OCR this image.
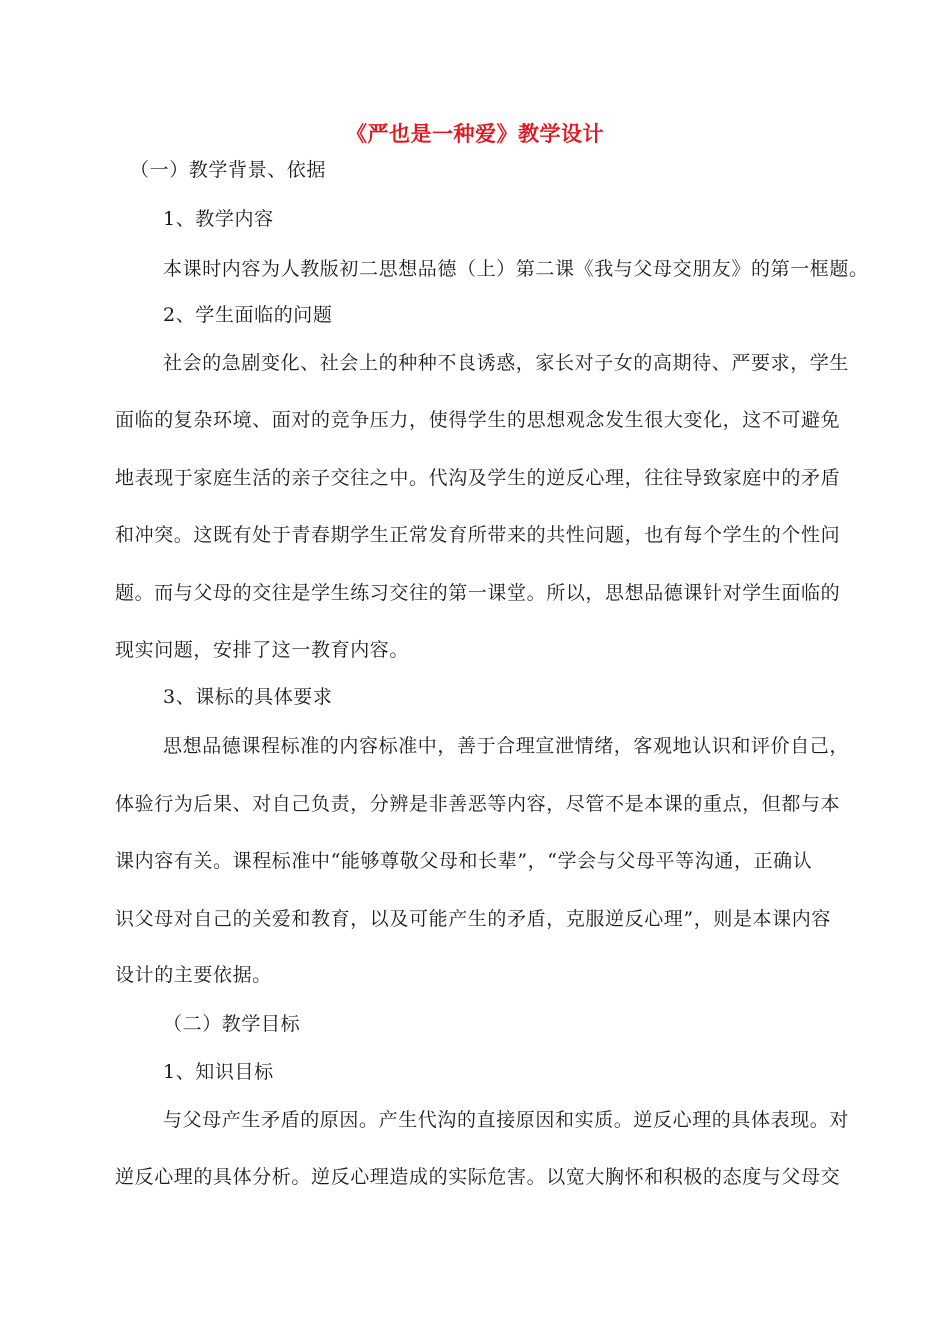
《严也是一种爱》教学设计
（一）教学背景、依据
1、教学内容
本课时内容为人教版初二思想品德（上）第二课《我与父母交朋友》的第一框题。
2、学生面临的问题
社会的急剧变化、社会上的种种不良诱惑，家长对子女的高期待、严要求，学生
面临的复杂环境、面对的竞争压力，使得学生的思想观念发生很大变化，这不可避免
地表现于家庭生活的亲子交往之中。代沟及学生的逆反心理，往往导致家庭中的矛盾
和冲突。这既有处于青春期学生正常发育所带来的共性问题，也有每个学生的个性问
题。而与父母的交往是学生练习交往的第一课堂。所以，思想品德课针对学生面临的
现实问题，安排了这一教育内容。
3、课标的具体要求
思想品德课程标准的内容标准中，善于合理宣泄情绪，客观地认识和评价自己，
体验行为后果、对自己负责，分辨是非善恶等内容，尽管不是本课的重点，但都与本
课内容有关。课程标准中“能够尊敬父母和长辈”，“学会与父母平等沟通，正确认
识父母对自己的关爱和教育，以及可能产生的矛盾，克服逆反心理”，则是本课内容
设计的主要依据。
（二）教学目标
1、知识目标
与父母产生矛盾的原因。产生代沟的直接原因和实质。逆反心理的具体表现。对
逆反心理的具体分析。逆反心理造成的实际危害。以宽大胸怀和积极的态度与父母交
